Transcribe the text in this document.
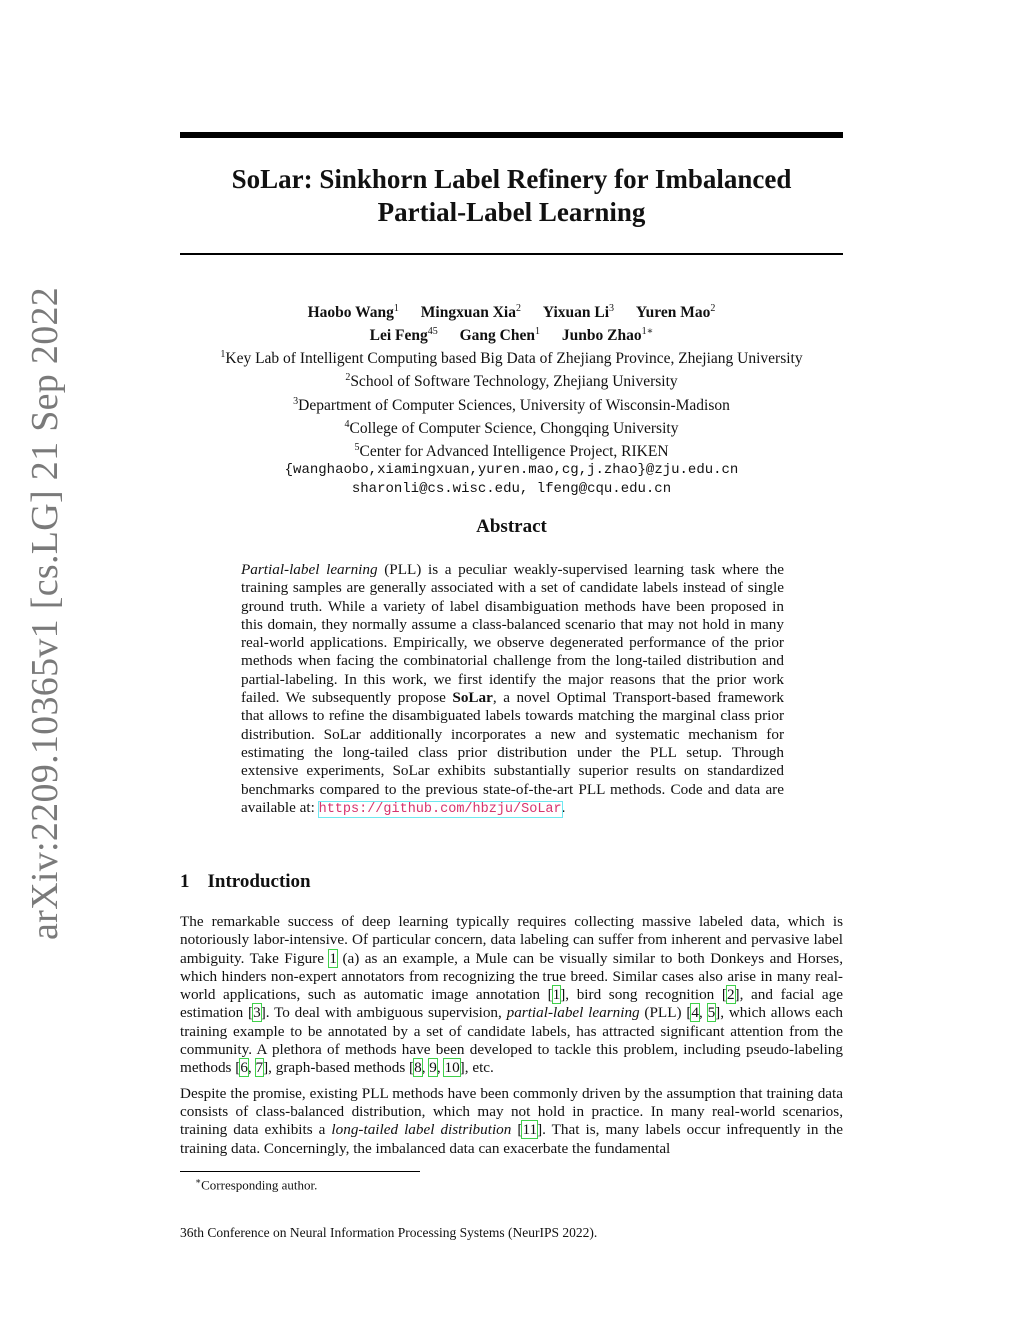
arXiv:2209.10365v1 [cs.LG] 21 Sep 2022
SoLar: Sinkhorn Label Refinery for Imbalanced
Partial-Label Learning
Haobo Wang$^1$ Mingxuan Xia$^2$ Yixuan Li$^3$ Yuren Mao$^2$
Lei Feng$^{45}$ Gang Chen$^1$ Junbo Zhao$^{1∗}$
$^1$Key Lab of Intelligent Computing based Big Data of Zhejiang Province, Zhejiang University
$^2$School of Software Technology, Zhejiang University
$^3$Department of Computer Sciences, University of Wisconsin-Madison
$^4$College of Computer Science, Chongqing University
$^5$Center for Advanced Intelligence Project, RIKEN
{wanghaobo,xiamingxuan,yuren.mao,cg,j.zhao}@zju.edu.cn
sharonli@cs.wisc.edu, lfeng@cqu.edu.cn
Abstract
Partial-label learning (PLL) is a peculiar weakly-supervised learning task where the training samples are generally associated with a set of candidate labels instead of single ground truth. While a variety of label disambiguation methods have been proposed in this domain, they normally assume a class-balanced scenario that may not hold in many real-world applications. Empirically, we observe degenerated performance of the prior methods when facing the combinatorial challenge from the long-tailed distribution and partial-labeling. In this work, we first identify the major reasons that the prior work failed. We subsequently propose SoLar, a novel Optimal Transport-based framework that allows to refine the disambiguated labels towards matching the marginal class prior distribution. SoLar additionally incorporates a new and systematic mechanism for estimating the long-tailed class prior distribution under the PLL setup. Through extensive experiments, SoLar exhibits substantially superior results on standardized benchmarks compared to the previous state-of-the-art PLL methods. Code and data are available at: https://github.com/hbzju/SoLar.
1 Introduction

The remarkable success of deep learning typically requires collecting massive labeled data, which is notoriously labor-intensive. Of particular concern, data labeling can suffer from inherent and pervasive label ambiguity. Take Figure 1 (a) as an example, a Mule can be visually similar to both Donkeys and Horses, which hinders non-expert annotators from recognizing the true breed. Similar cases also arise in many real-world applications, such as automatic image annotation [1], bird song recognition [2], and facial age estimation [3]. To deal with ambiguous supervision, partial-label learning (PLL) [4, 5], which allows each training example to be annotated by a set of candidate labels, has attracted significant attention from the community. A plethora of methods have been developed to tackle this problem, including pseudo-labeling methods [6, 7], graph-based methods [8, 9, 10], etc.

Despite the promise, existing PLL methods have been commonly driven by the assumption that training data consists of class-balanced distribution, which may not hold in practice. In many real-world scenarios, training data exhibits a long-tailed label distribution [11]. That is, many labels occur infrequently in the training data. Concerningly, the imbalanced data can exacerbate the fundamental

∗Corresponding author.
36th Conference on Neural Information Processing Systems (NeurIPS 2022).
